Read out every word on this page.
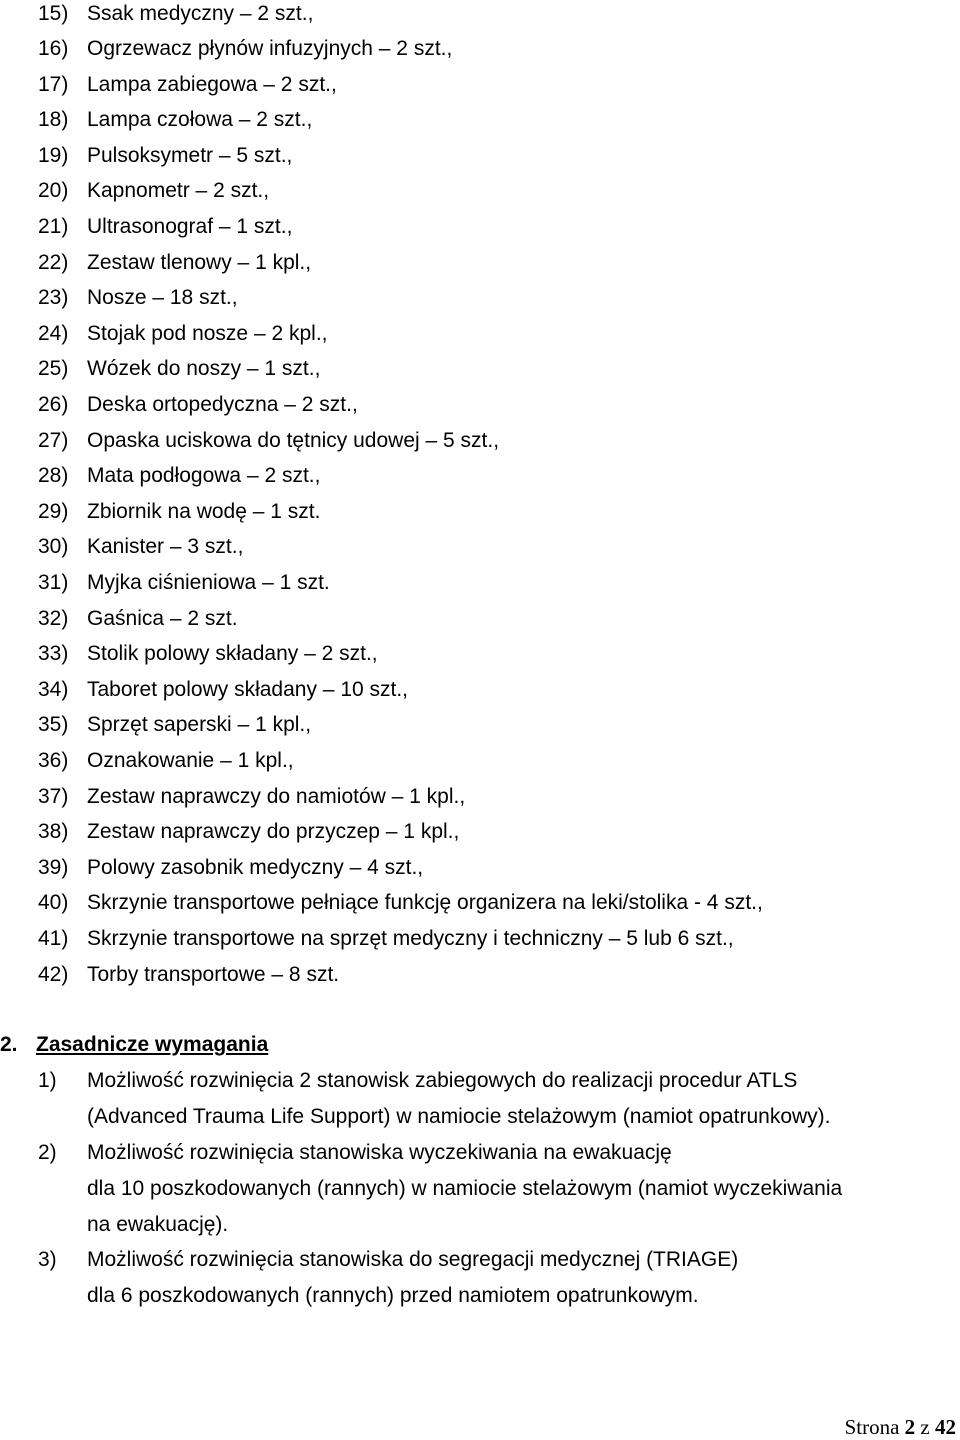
15) Ssak medyczny – 2 szt.,
16) Ogrzewacz płynów infuzyjnych – 2 szt.,
17) Lampa zabiegowa – 2 szt.,
18) Lampa czołowa – 2 szt.,
19) Pulsoksymetr – 5 szt.,
20) Kapnometr – 2 szt.,
21) Ultrasonograf – 1 szt.,
22) Zestaw tlenowy – 1 kpl.,
23) Nosze – 18 szt.,
24) Stojak pod nosze – 2 kpl.,
25) Wózek do noszy – 1 szt.,
26) Deska ortopedyczna – 2 szt.,
27) Opaska uciskowa do tętnicy udowej – 5 szt.,
28) Mata podłogowa – 2 szt.,
29) Zbiornik na wodę – 1 szt.
30) Kanister – 3 szt.,
31) Myjka ciśnieniowa – 1 szt.
32) Gaśnica – 2 szt.
33) Stolik polowy składany – 2 szt.,
34) Taboret polowy składany – 10 szt.,
35) Sprzęt saperski – 1 kpl.,
36) Oznakowanie – 1 kpl.,
37) Zestaw naprawczy do namiotów – 1 kpl.,
38) Zestaw naprawczy do przyczep – 1 kpl.,
39) Polowy zasobnik medyczny – 4 szt.,
40) Skrzynie transportowe pełniące funkcję organizera na leki/stolika - 4 szt.,
41) Skrzynie transportowe na sprzęt medyczny i techniczny – 5 lub 6 szt.,
42) Torby transportowe – 8 szt.
2. Zasadnicze wymagania
1) Możliwość rozwinięcia 2 stanowisk zabiegowych do realizacji procedur ATLS
(Advanced Trauma Life Support) w namiocie stelażowym (namiot opatrunkowy).
2) Możliwość rozwinięcia stanowiska wyczekiwania na ewakuację
dla 10 poszkodowanych (rannych) w namiocie stelażowym (namiot wyczekiwania
na ewakuację).
3) Możliwość rozwinięcia stanowiska do segregacji medycznej (TRIAGE)
dla 6 poszkodowanych (rannych) przed namiotem opatrunkowym.
Strona 2 z 42
